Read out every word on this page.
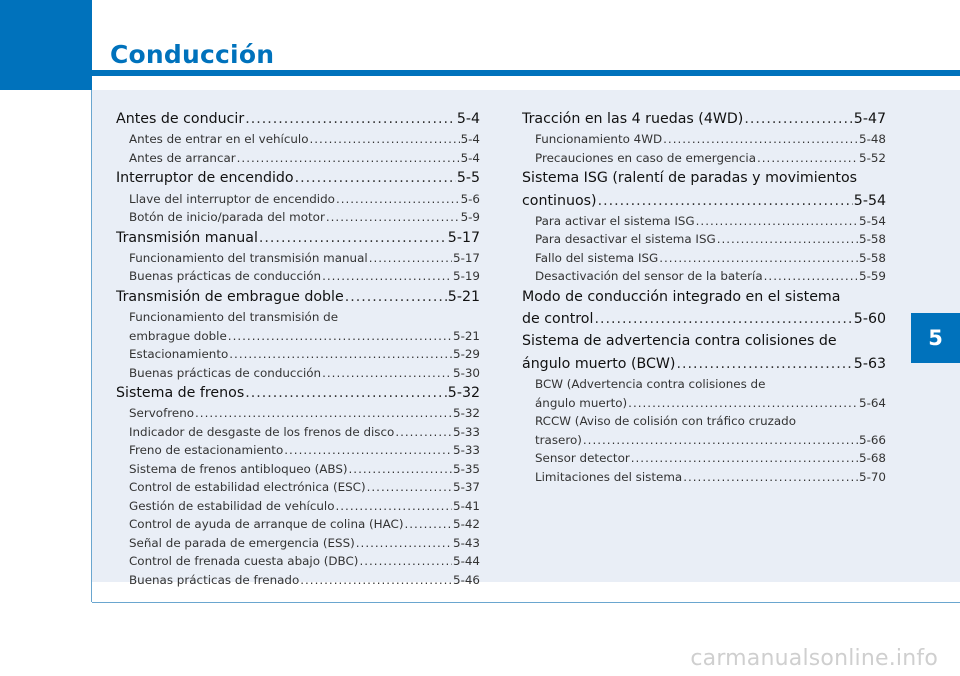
Conducción
Antes de conducir .....	5-4
Antes de entrar en el vehículo .....	5-4
Antes de arrancar .....	5-4
Interruptor de encendido .....	5-5
Llave del interruptor de encendido .....	5-6
Botón de inicio/parada del motor .....	5-9
Transmisión manual .....	5-17
Funcionamiento del transmisión manual .....	5-17
Buenas prácticas de conducción .....	5-19
Transmisión de embrague doble .....	5-21
Funcionamiento del transmisión de
embrague doble .....	5-21
Estacionamiento .....	5-29
Buenas prácticas de conducción .....	5-30
Sistema de frenos .....	5-32
Servofreno .....	5-32
Indicador de desgaste de los frenos de disco .....	5-33
Freno de estacionamiento .....	5-33
Sistema de frenos antibloqueo (ABS) .....	5-35
Control de estabilidad electrónica (ESC) .....	5-37
Gestión de estabilidad de vehículo .....	5-41
Control de ayuda de arranque de colina (HAC) .....	5-42
Señal de parada de emergencia (ESS) .....	5-43
Control de frenada cuesta abajo (DBC) .....	5-44
Buenas prácticas de frenado .....	5-46
Tracción en las 4 ruedas (4WD) .....	5-47
Funcionamiento 4WD .....	5-48
Precauciones en caso de emergencia .....	5-52
Sistema ISG (ralentí de paradas y movimientos
continuos) .....	5-54
Para activar el sistema ISG .....	5-54
Para desactivar el sistema ISG .....	5-58
Fallo del sistema ISG .....	5-58
Desactivación del sensor de la batería .....	5-59
Modo de conducción integrado en el sistema
de control .....	5-60
Sistema de advertencia contra colisiones de
ángulo muerto (BCW) .....	5-63
BCW (Advertencia contra colisiones de
ángulo muerto) .....	5-64
RCCW (Aviso de colisión con tráfico cruzado
trasero) .....	5-66
Sensor detector .....	5-68
Limitaciones del sistema .....	5-70
5
carmanualsonline.info
